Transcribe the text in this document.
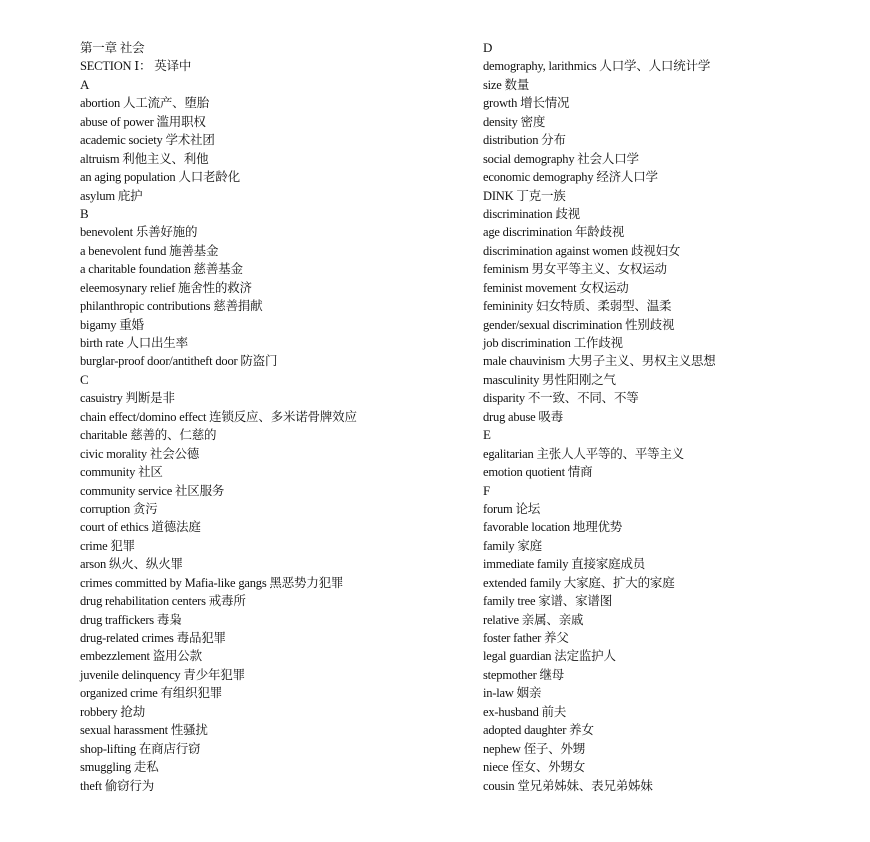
第一章 社会
SECTION Ⅰ： 英译中
A
abortion 人工流产、堕胎
abuse of power 滥用职权
academic society 学术社团
altruism 利他主义、利他
an aging population 人口老龄化
asylum 庇护
B
benevolent 乐善好施的
a benevolent fund 施善基金
a charitable foundation 慈善基金
eleemosynary relief 施舍性的救济
philanthropic contributions 慈善捐献
bigamy 重婚
birth rate 人口出生率
burglar-proof door/antitheft door 防盗门
C
casuistry 判断是非
chain effect/domino effect 连锁反应、多米诺骨牌效应
charitable 慈善的、仁慈的
civic morality 社会公德
community 社区
community service 社区服务
corruption 贪污
court of ethics 道德法庭
crime 犯罪
arson 纵火、纵火罪
crimes committed by Mafia-like gangs 黑恶势力犯罪
drug rehabilitation centers 戒毒所
drug traffickers 毒枭
drug-related crimes 毒品犯罪
embezzlement 盗用公款
juvenile delinquency 青少年犯罪
organized crime 有组织犯罪
robbery 抢劫
sexual harassment 性骚扰
shop-lifting 在商店行窃
smuggling 走私
theft 偷窃行为
D
demography, larithmics 人口学、人口统计学
size 数量
growth 增长情况
density 密度
distribution 分布
social demography 社会人口学
economic demography 经济人口学
DINK 丁克一族
discrimination 歧视
age discrimination 年龄歧视
discrimination against women 歧视妇女
feminism 男女平等主义、女权运动
feminist movement 女权运动
femininity 妇女特质、柔弱型、温柔
gender/sexual discrimination 性别歧视
job discrimination 工作歧视
male chauvinism 大男子主义、男权主义思想
masculinity 男性阳刚之气
disparity 不一致、不同、不等
drug abuse 吸毒
E
egalitarian 主张人人平等的、平等主义
emotion quotient 情商
F
forum 论坛
favorable location 地理优势
family 家庭
immediate family 直接家庭成员
extended family 大家庭、扩大的家庭
family tree 家谱、家谱图
relative 亲属、亲戚
foster father 养父
legal guardian 法定监护人
stepmother 继母
in-law 姻亲
ex-husband 前夫
adopted daughter 养女
nephew 侄子、外甥
niece 侄女、外甥女
cousin 堂兄弟姊妹、表兄弟姊妹
